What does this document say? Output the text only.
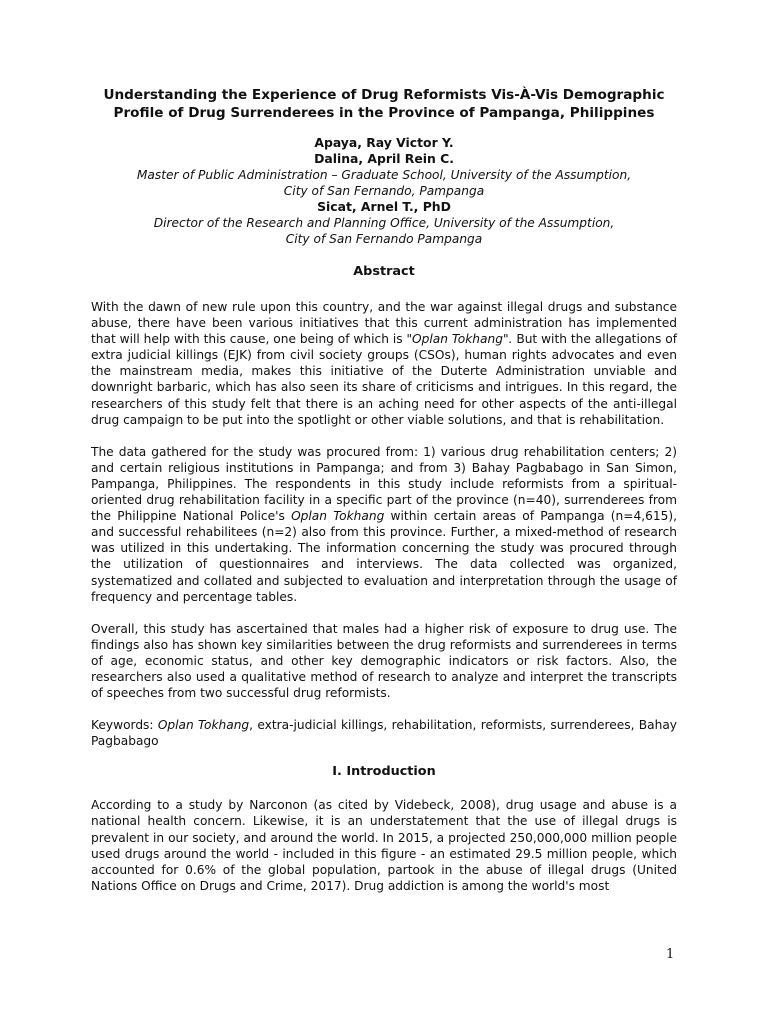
Understanding the Experience of Drug Reformists Vis-À-Vis Demographic
Profile of Drug Surrenderees in the Province of Pampanga, Philippines
Apaya, Ray Victor Y.
Dalina, April Rein C.
Master of Public Administration – Graduate School, University of the Assumption,
City of San Fernando, Pampanga
Sicat, Arnel T., PhD
Director of the Research and Planning Office, University of the Assumption,
City of San Fernando Pampanga
Abstract

With the dawn of new rule upon this country, and the war against illegal drugs and substance abuse, there have been various initiatives that this current administration has implemented that will help with this cause, one being of which is "Oplan Tokhang". But with the allegations of extra judicial killings (EJK) from civil society groups (CSOs), human rights advocates and even the mainstream media, makes this initiative of the Duterte Administration unviable and downright barbaric, which has also seen its share of criticisms and intrigues. In this regard, the researchers of this study felt that there is an aching need for other aspects of the anti-illegal drug campaign to be put into the spotlight or other viable solutions, and that is rehabilitation.

The data gathered for the study was procured from: 1) various drug rehabilitation centers; 2) and certain religious institutions in Pampanga; and from 3) Bahay Pagbabago in San Simon, Pampanga, Philippines. The respondents in this study include reformists from a spiritual-oriented drug rehabilitation facility in a specific part of the province (n=40), surrenderees from the Philippine National Police's Oplan Tokhang within certain areas of Pampanga (n=4,615), and successful rehabilitees (n=2) also from this province. Further, a mixed-method of research was utilized in this undertaking. The information concerning the study was procured through the utilization of questionnaires and interviews. The data collected was organized, systematized and collated and subjected to evaluation and interpretation through the usage of frequency and percentage tables.

Overall, this study has ascertained that males had a higher risk of exposure to drug use. The findings also has shown key similarities between the drug reformists and surrenderees in terms of age, economic status, and other key demographic indicators or risk factors. Also, the researchers also used a qualitative method of research to analyze and interpret the transcripts of speeches from two successful drug reformists.

Keywords: Oplan Tokhang, extra-judicial killings, rehabilitation, reformists, surrenderees, Bahay Pagbabago

I. Introduction

According to a study by Narconon (as cited by Videbeck, 2008), drug usage and abuse is a national health concern. Likewise, it is an understatement that the use of illegal drugs is prevalent in our society, and around the world. In 2015, a projected 250,000,000 million people used drugs around the world - included in this figure - an estimated 29.5 million people, which accounted for 0.6% of the global population, partook in the abuse of illegal drugs (United Nations Office on Drugs and Crime, 2017). Drug addiction is among the world's most

1
